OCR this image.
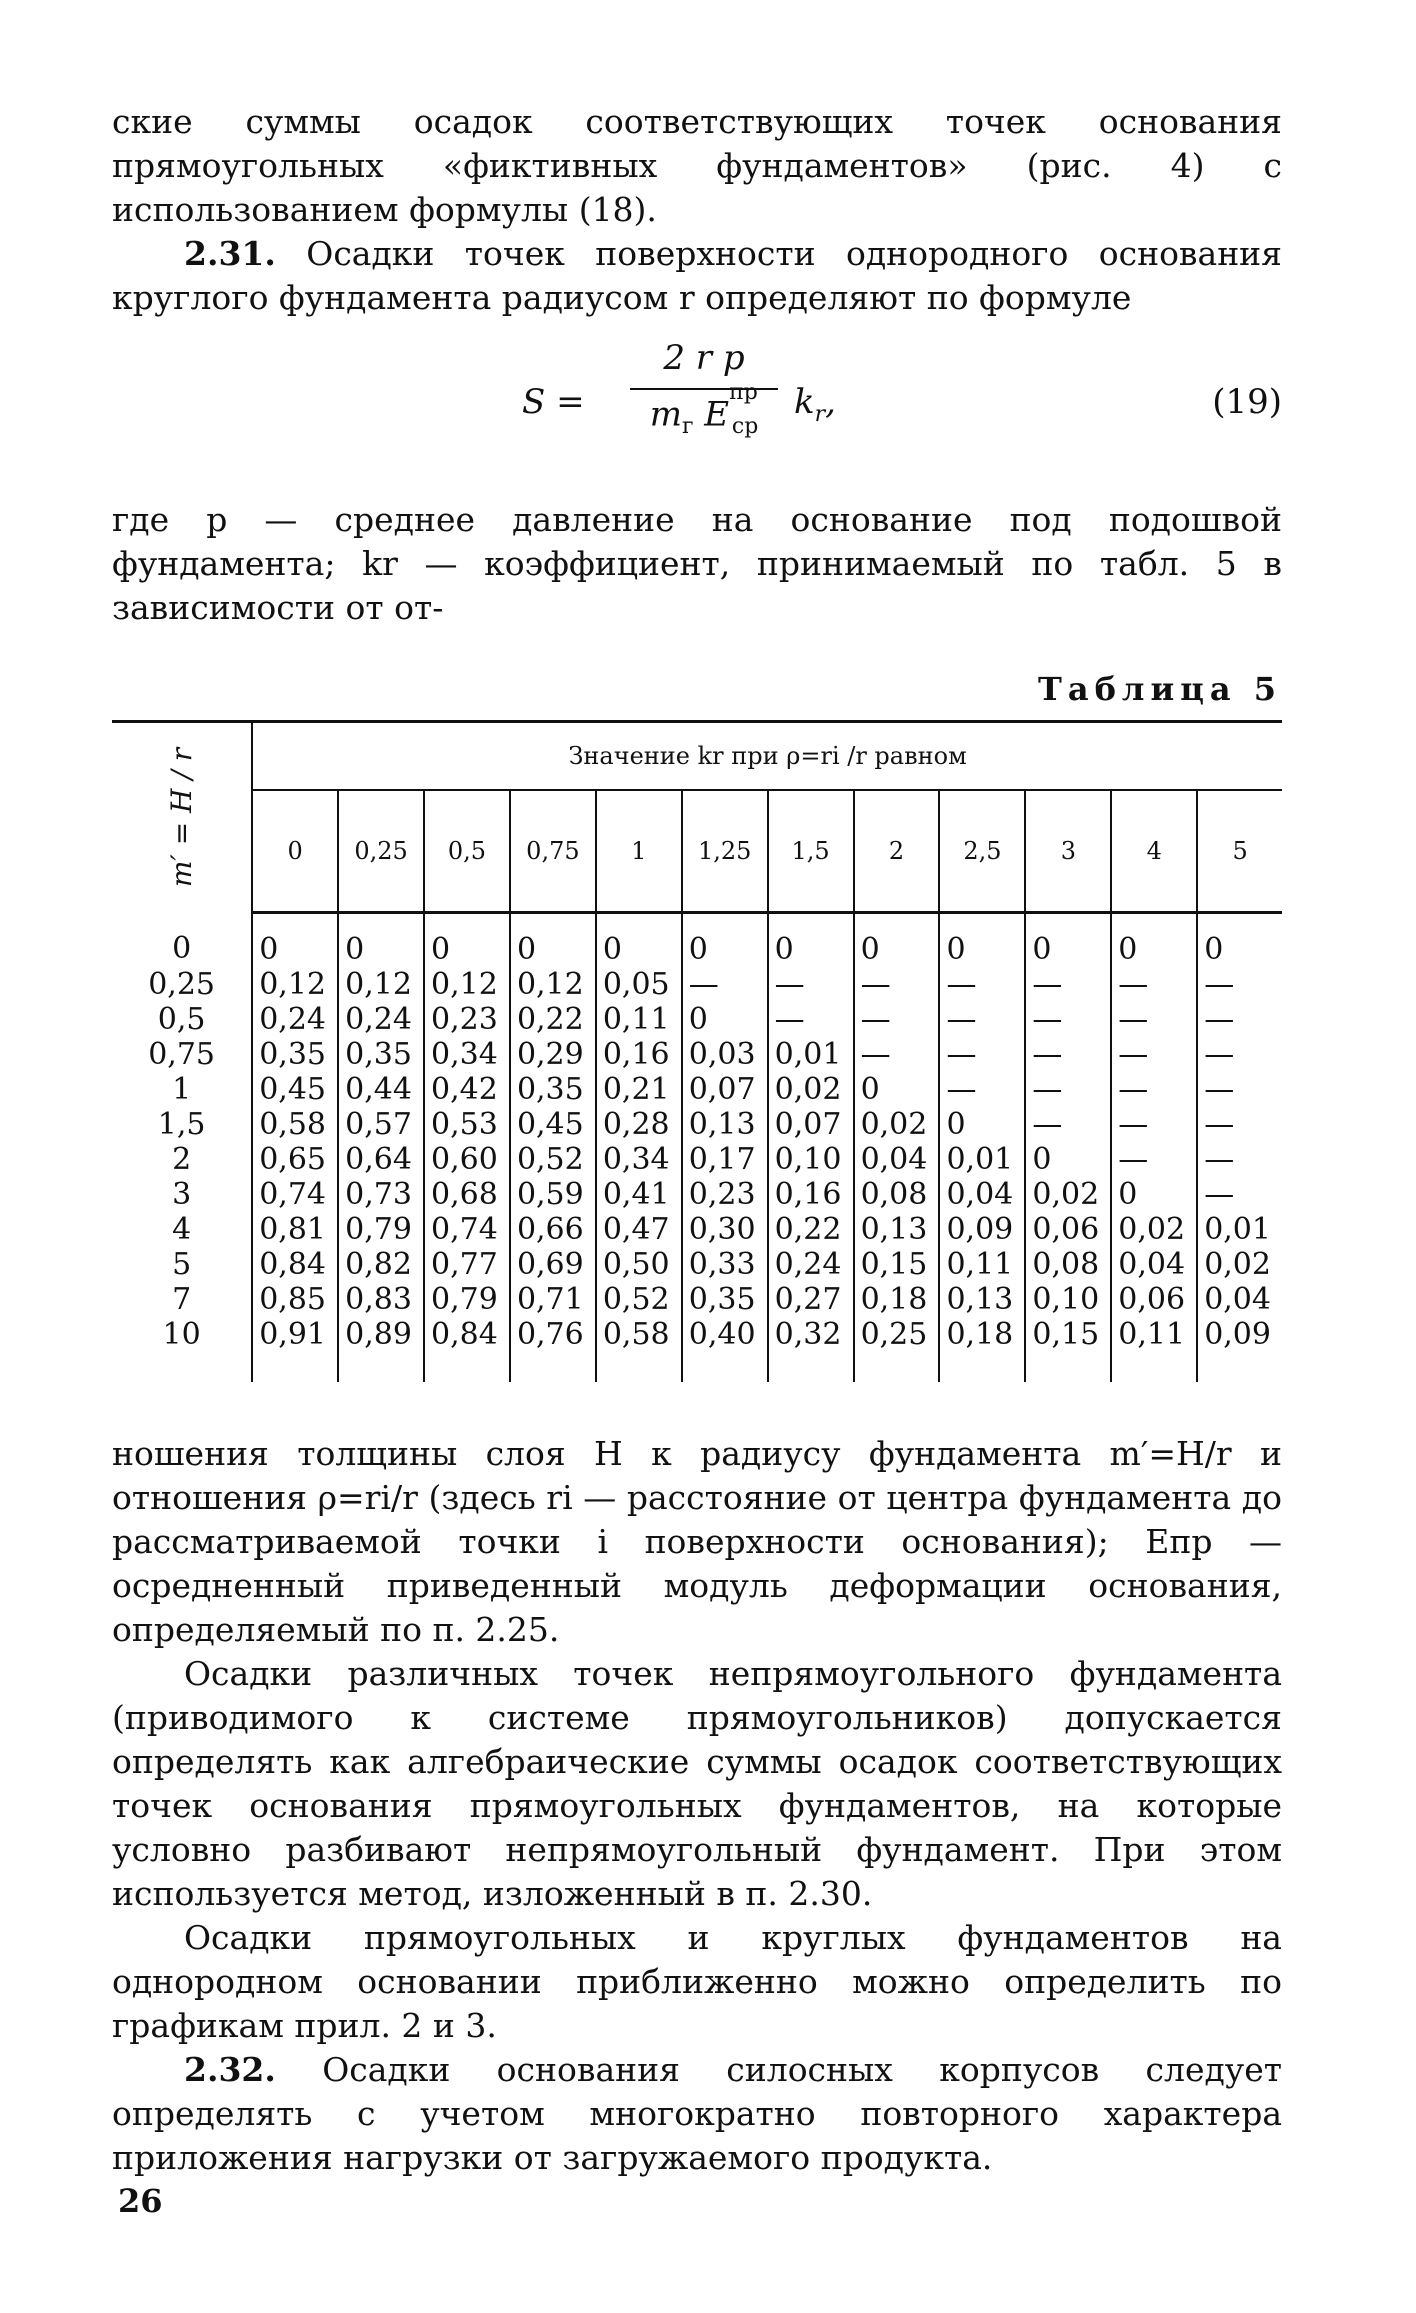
ские суммы осадок соответствующих точек основания прямоугольных «фиктивных фундаментов» (рис. 4) с использованием формулы (18).

2.31. Осадки точек поверхности однородного основания круглого фундамента радиусом r определяют по формуле

S =
2 r p
$m_г$ $E^{пр}_{ср}$
$k_r$,	(19)

где p — среднее давление на основание под подошвой фундамента; kr — коэффициент, принимаемый по табл. 5 в зависимости от от-

Таблица 5
m′ = H / r	Значение kr при ρ=ri /r равном											
	0	0,25	0,5	0,75	1	1,25	1,5	2	2,5	3	4	5
0	0	0	0	0	0	0	0	0	0	0	0	0
0,25	0,12	0,12	0,12	0,12	0,05	—	—	—	—	—	—	—
0,5	0,24	0,24	0,23	0,22	0,11	0	—	—	—	—	—	—
0,75	0,35	0,35	0,34	0,29	0,16	0,03	0,01	—	—	—	—	—
1	0,45	0,44	0,42	0,35	0,21	0,07	0,02	0	—	—	—	—
1,5	0,58	0,57	0,53	0,45	0,28	0,13	0,07	0,02	0	—	—	—
2	0,65	0,64	0,60	0,52	0,34	0,17	0,10	0,04	0,01	0	—	—
3	0,74	0,73	0,68	0,59	0,41	0,23	0,16	0,08	0,04	0,02	0	—
4	0,81	0,79	0,74	0,66	0,47	0,30	0,22	0,13	0,09	0,06	0,02	0,01
5	0,84	0,82	0,77	0,69	0,50	0,33	0,24	0,15	0,11	0,08	0,04	0,02
7	0,85	0,83	0,79	0,71	0,52	0,35	0,27	0,18	0,13	0,10	0,06	0,04
10	0,91	0,89	0,84	0,76	0,58	0,40	0,32	0,25	0,18	0,15	0,11	0,09

ношения толщины слоя H к радиусу фундамента m′=H/r и отношения ρ=ri/r (здесь ri — расстояние от центра фундамента до рассматриваемой точки i поверхности основания); Eпр — осредненный приведенный модуль деформации основания, определяемый по п. 2.25.

Осадки различных точек непрямоугольного фундамента (приводимого к системе прямоугольников) допускается определять как алгебраические суммы осадок соответствующих точек основания прямоугольных фундаментов, на которые условно разбивают непрямоугольный фундамент. При этом используется метод, изложенный в п. 2.30.

Осадки прямоугольных и круглых фундаментов на однородном основании приближенно можно определить по графикам прил. 2 и 3.

2.32. Осадки основания силосных корпусов следует определять с учетом многократно повторного характера приложения нагрузки от загружаемого продукта.

26
